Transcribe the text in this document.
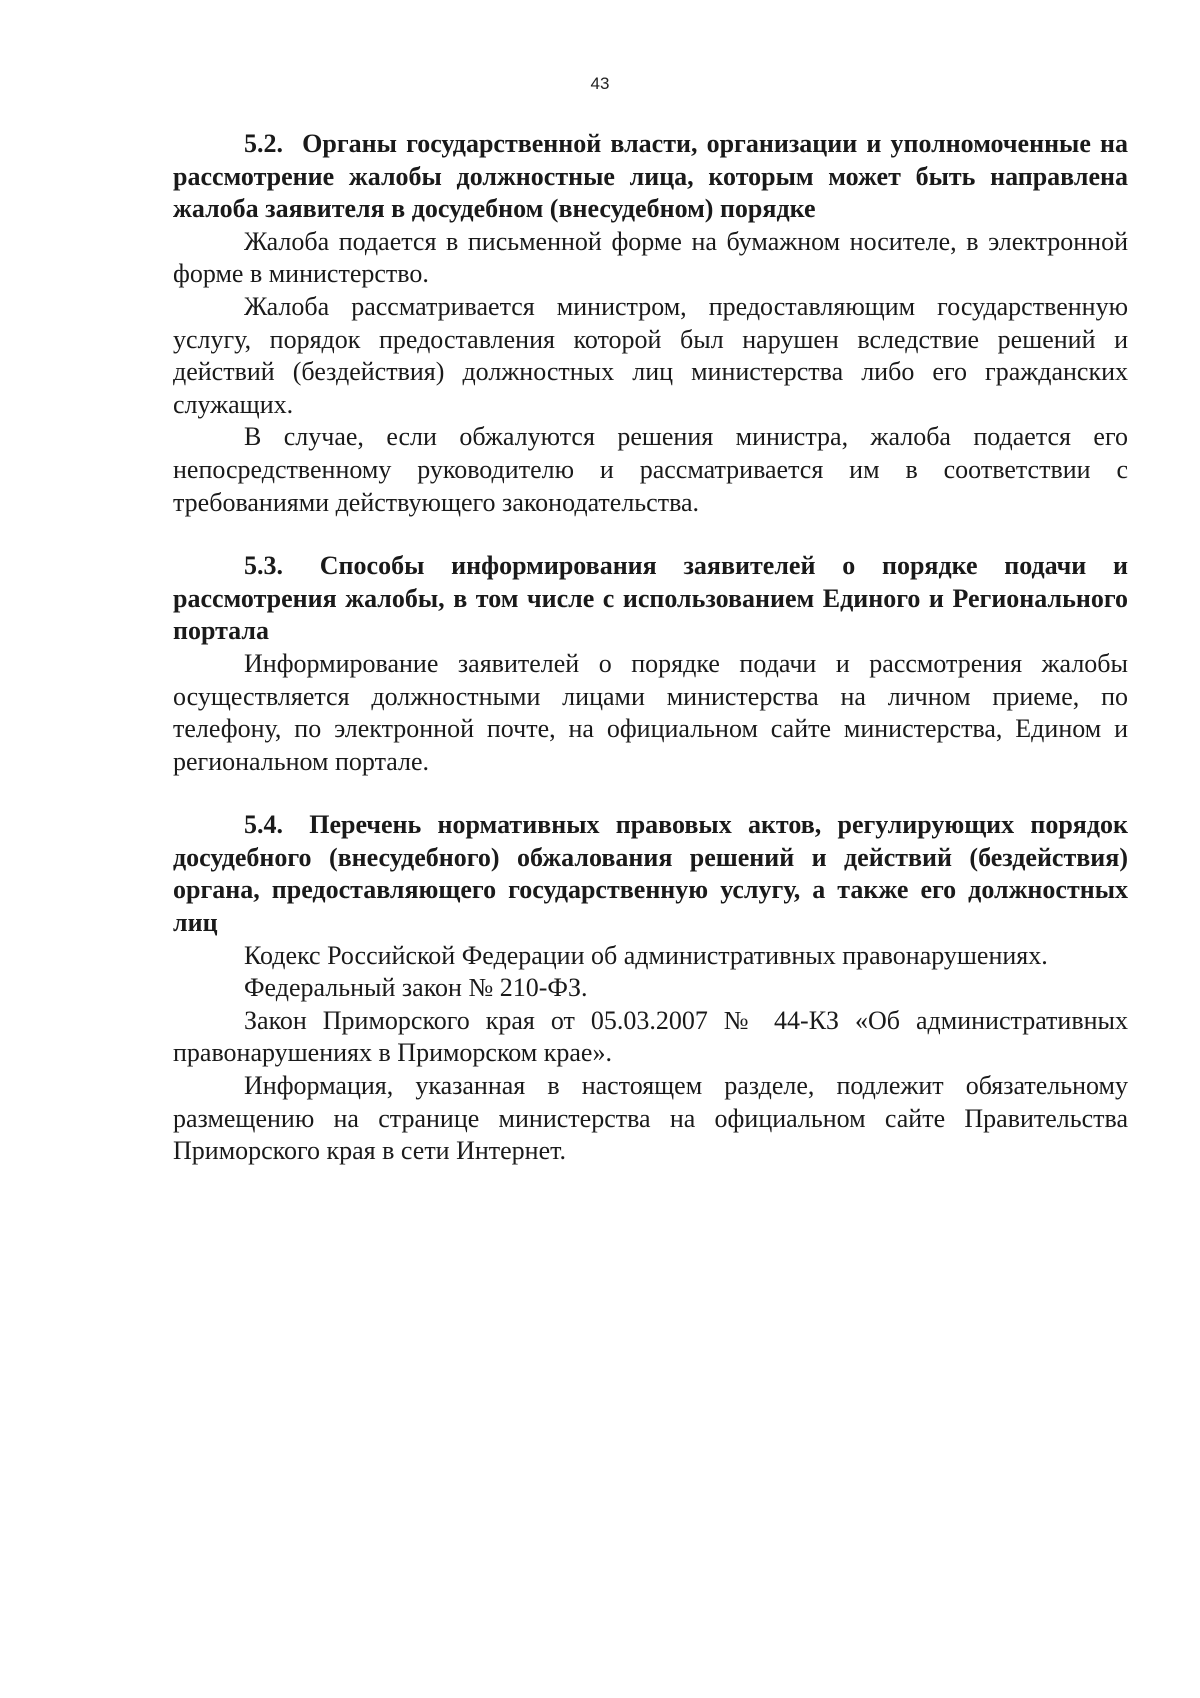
43

5.2. Органы государственной власти, организации и уполномоченные на рассмотрение жалобы должностные лица, которым может быть направлена жалоба заявителя в досудебном (внесудебном) порядке

Жалоба подается в письменной форме на бумажном носителе, в электронной форме в министерство.

Жалоба рассматривается министром, предоставляющим государственную услугу, порядок предоставления которой был нарушен вследствие решений и действий (бездействия) должностных лиц министерства либо его гражданских служащих.

В случае, если обжалуются решения министра, жалоба подается его непосредственному руководителю и рассматривается им в соответствии с требованиями действующего законодательства.

5.3. Способы информирования заявителей о порядке подачи и рассмотрения жалобы, в том числе с использованием Единого и Регионального портала

Информирование заявителей о порядке подачи и рассмотрения жалобы осуществляется должностными лицами министерства на личном приеме, по телефону, по электронной почте, на официальном сайте министерства, Едином и региональном портале.

5.4. Перечень нормативных правовых актов, регулирующих порядок досудебного (внесудебного) обжалования решений и действий (бездействия) органа, предоставляющего государственную услугу, а также его должностных лиц

Кодекс Российской Федерации об административных правонарушениях.

Федеральный закон № 210-ФЗ.

Закон Приморского края от 05.03.2007 № 44-КЗ «Об административных правонарушениях в Приморском крае».

Информация, указанная в настоящем разделе, подлежит обязательному размещению на странице министерства на официальном сайте Правительства Приморского края в сети Интернет.
